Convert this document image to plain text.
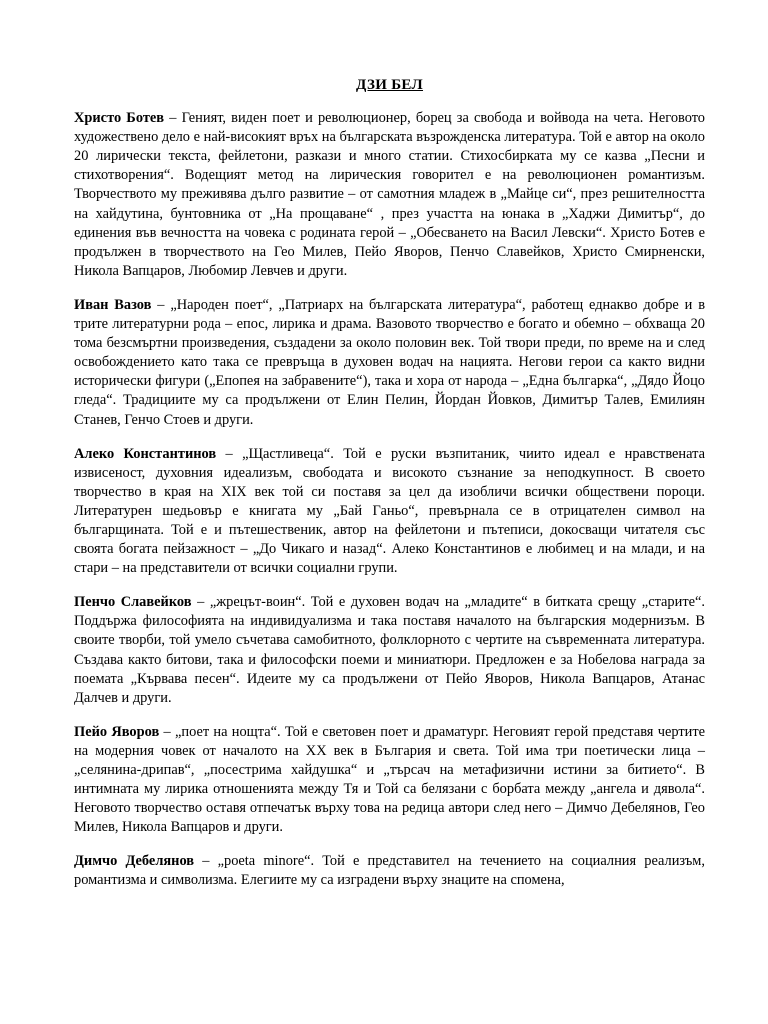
ДЗИ БЕЛ

Христо Ботев – Геният, виден поет и революционер, борец за свобода и войвода на чета. Неговото художествено дело е най-високият връх на българската възрожденска литература. Той е автор на около 20 лирически текста, фейлетони, разкази и много статии. Стихосбирката му се казва „Песни и стихотворения“. Водещият метод на лирическия говорител е на революционен романтизъм. Творчеството му преживява дълго развитие – от самотния младеж в „Майце си“, през решителността на хайдутина, бунтовника от „На прощаване“ , през участта на юнака в „Хаджи Димитър“, до единения във вечността на човека с родината герой – „Обесването на Васил Левски“. Христо Ботев е продължен в творчеството на Гео Милев, Пейо Яворов, Пенчо Славейков, Христо Смирненски, Никола Вапцаров, Любомир Левчев и други.

Иван Вазов – „Народен поет“, „Патриарх на българската литература“, работещ еднакво добре и в трите литературни рода – епос, лирика и драма. Вазовото творчество е богато и обемно – обхваща 20 тома безсмъртни произведения, създадени за около половин век. Той твори преди, по време на и след освобождението като така се превръща в духовен водач на нацията. Негови герои са както видни исторически фигури („Епопея на забравените“), така и хора от народа – „Една българка“, „Дядо Йоцо гледа“. Традициите му са продължени от Елин Пелин, Йордан Йовков, Димитър Талев, Емилиян Станев, Генчо Стоев и други.

Алеко Константинов – „Щастливеца“. Той е руски възпитаник, чиито идеал е нравствената извисеност, духовния идеализъм, свободата и високото съзнание за неподкупност. В своето творчество в края на XIX век той си поставя за цел да изобличи всички обществени пороци. Литературен шедьовър е книгата му „Бай Ганьо“, превърнала се в отрицателен символ на българщината. Той е и пътешественик, автор на фейлетони и пътеписи, докосващи читателя със своята богата пейзажност – „До Чикаго и назад“. Алеко Константинов е любимец и на млади, и на стари – на представители от всички социални групи.

Пенчо Славейков – „жрецът-воин“. Той е духовен водач на „младите“ в битката срещу „старите“. Поддържа философията на индивидуализма и така поставя началото на българския модернизъм. В своите творби, той умело съчетава самобитното, фолклорното с чертите на съвременната литература. Създава както битови, така и философски поеми и миниатюри. Предложен е за Нобелова награда за поемата „Кървава песен“. Идеите му са продължени от Пейо Яворов, Никола Вапцаров, Атанас Далчев и други.

Пейо Яворов – „поет на нощта“. Той е световен поет и драматург. Неговият герой представя чертите на модерния човек от началото на XX век в България и света. Той има три поетически лица – „селянина-дрипав“, „посестрима хайдушка“ и „търсач на метафизични истини за битието“. В интимната му лирика отношенията между Тя и Той са белязани с борбата между „ангела и дявола“. Неговото творчество оставя отпечатък върху това на редица автори след него – Димчо Дебелянов, Гео Милев, Никола Вапцаров и други.

Димчо Дебелянов – „poeta minore“. Той е представител на течението на социалния реализъм, романтизма и символизма. Елегиите му са изградени върху знаците на спомена,
